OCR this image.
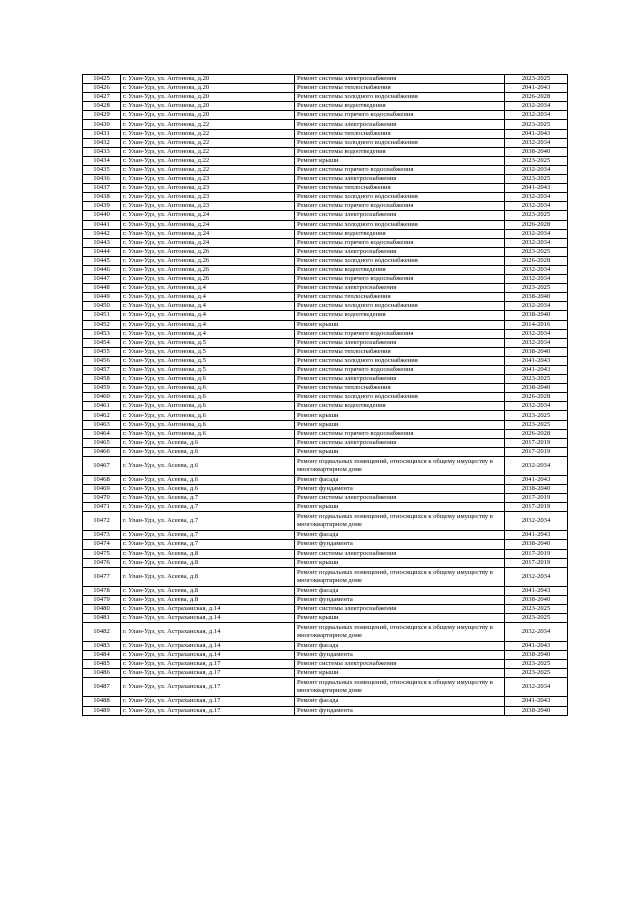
10425	г. Улан-Удэ, ул. Антонова, д.20	Ремонт системы электроснабжения	2023-2025
10426	г. Улан-Удэ, ул. Антонова, д.20	Ремонт системы теплоснабжения	2041-2043
10427	г. Улан-Удэ, ул. Антонова, д.20	Ремонт системы холодного водоснабжения	2026-2028
10428	г. Улан-Удэ, ул. Антонова, д.20	Ремонт системы водоотведения	2032-2034
10429	г. Улан-Удэ, ул. Антонова, д.20	Ремонт системы горячего водоснабжения	2032-2034
10430	г. Улан-Удэ, ул. Антонова, д.22	Ремонт системы электроснабжения	2023-2025
10431	г. Улан-Удэ, ул. Антонова, д.22	Ремонт системы теплоснабжения	2041-2043
10432	г. Улан-Удэ, ул. Антонова, д.22	Ремонт системы холодного водоснабжения	2032-2034
10433	г. Улан-Удэ, ул. Антонова, д.22	Ремонт системы водоотведения	2038-2040
10434	г. Улан-Удэ, ул. Антонова, д.22	Ремонт крыши	2023-2025
10435	г. Улан-Удэ, ул. Антонова, д.22	Ремонт системы горячего водоснабжения	2032-2034
10436	г. Улан-Удэ, ул. Антонова, д.23	Ремонт системы электроснабжения	2023-2025
10437	г. Улан-Удэ, ул. Антонова, д.23	Ремонт системы теплоснабжения	2041-2043
10438	г. Улан-Удэ, ул. Антонова, д.23	Ремонт системы холодного водоснабжения	2032-2034
10439	г. Улан-Удэ, ул. Антонова, д.23	Ремонт системы горячего водоснабжения	2032-2034
10440	г. Улан-Удэ, ул. Антонова, д.24	Ремонт системы электроснабжения	2023-2025
10441	г. Улан-Удэ, ул. Антонова, д.24	Ремонт системы холодного водоснабжения	2026-2028
10442	г. Улан-Удэ, ул. Антонова, д.24	Ремонт системы водоотведения	2032-2034
10443	г. Улан-Удэ, ул. Антонова, д.24	Ремонт системы горячего водоснабжения	2032-2034
10444	г. Улан-Удэ, ул. Антонова, д.26	Ремонт системы электроснабжения	2023-2025
10445	г. Улан-Удэ, ул. Антонова, д.26	Ремонт системы холодного водоснабжения	2026-2028
10446	г. Улан-Удэ, ул. Антонова, д.26	Ремонт системы водоотведения	2032-2034
10447	г. Улан-Удэ, ул. Антонова, д.26	Ремонт системы горячего водоснабжения	2032-2034
10448	г. Улан-Удэ, ул. Антонова, д.4	Ремонт системы электроснабжения	2023-2025
10449	г. Улан-Удэ, ул. Антонова, д.4	Ремонт системы теплоснабжения	2038-2040
10450	г. Улан-Удэ, ул. Антонова, д.4	Ремонт системы холодного водоснабжения	2032-2034
10451	г. Улан-Удэ, ул. Антонова, д.4	Ремонт системы водоотведения	2038-2040
10452	г. Улан-Удэ, ул. Антонова, д.4	Ремонт крыши	2014-2016
10453	г. Улан-Удэ, ул. Антонова, д.4	Ремонт системы горячего водоснабжения	2032-2034
10454	г. Улан-Удэ, ул. Антонова, д.5	Ремонт системы электроснабжения	2032-2034
10455	г. Улан-Удэ, ул. Антонова, д.5	Ремонт системы теплоснабжения	2038-2040
10456	г. Улан-Удэ, ул. Антонова, д.5	Ремонт системы холодного водоснабжения	2041-2043
10457	г. Улан-Удэ, ул. Антонова, д.5	Ремонт системы горячего водоснабжения	2041-2043
10458	г. Улан-Удэ, ул. Антонова, д.6	Ремонт системы электроснабжения	2023-2025
10459	г. Улан-Удэ, ул. Антонова, д.6	Ремонт системы теплоснабжения	2038-2040
10460	г. Улан-Удэ, ул. Антонова, д.6	Ремонт системы холодного водоснабжения	2026-2028
10461	г. Улан-Удэ, ул. Антонова, д.6	Ремонт системы водоотведения	2032-2034
10462	г. Улан-Удэ, ул. Антонова, д.6	Ремонт крыши	2023-2025
10463	г. Улан-Удэ, ул. Антонова, д.6	Ремонт крыши	2023-2025
10464	г. Улан-Удэ, ул. Антонова, д.6	Ремонт системы горячего водоснабжения	2026-2028
10465	г. Улан-Удэ, ул. Асеева, д.6	Ремонт системы электроснабжения	2017-2019
10466	г. Улан-Удэ, ул. Асеева, д.6	Ремонт крыши	2017-2019
10467	г. Улан-Удэ, ул. Асеева, д.6	Ремонт подвальных помещений, относящихся к общему имуществу в многоквартирном доме	2032-2034
10468	г. Улан-Удэ, ул. Асеева, д.6	Ремонт фасада	2041-2043
10469	г. Улан-Удэ, ул. Асеева, д.6	Ремонт фундамента	2038-2040
10470	г. Улан-Удэ, ул. Асеева, д.7	Ремонт системы электроснабжения	2017-2019
10471	г. Улан-Удэ, ул. Асеева, д.7	Ремонт крыши	2017-2019
10472	г. Улан-Удэ, ул. Асеева, д.7	Ремонт подвальных помещений, относящихся к общему имуществу в многоквартирном доме	2032-2034
10473	г. Улан-Удэ, ул. Асеева, д.7	Ремонт фасада	2041-2043
10474	г. Улан-Удэ, ул. Асеева, д.7	Ремонт фундамента	2038-2040
10475	г. Улан-Удэ, ул. Асеева, д.8	Ремонт системы электроснабжения	2017-2019
10476	г. Улан-Удэ, ул. Асеева, д.8	Ремонт крыши	2017-2019
10477	г. Улан-Удэ, ул. Асеева, д.8	Ремонт подвальных помещений, относящихся к общему имуществу в многоквартирном доме	2032-2034
10478	г. Улан-Удэ, ул. Асеева, д.8	Ремонт фасада	2041-2043
10479	г. Улан-Удэ, ул. Асеева, д.8	Ремонт фундамента	2038-2040
10480	г. Улан-Удэ, ул. Астраханская, д.14	Ремонт системы электроснабжения	2023-2025
10481	г. Улан-Удэ, ул. Астраханская, д.14	Ремонт крыши	2023-2025
10482	г. Улан-Удэ, ул. Астраханская, д.14	Ремонт подвальных помещений, относящихся к общему имуществу в многоквартирном доме	2032-2034
10483	г. Улан-Удэ, ул. Астраханская, д.14	Ремонт фасада	2041-2043
10484	г. Улан-Удэ, ул. Астраханская, д.14	Ремонт фундамента	2038-2040
10485	г. Улан-Удэ, ул. Астраханская, д.17	Ремонт системы электроснабжения	2023-2025
10486	г. Улан-Удэ, ул. Астраханская, д.17	Ремонт крыши	2023-2025
10487	г. Улан-Удэ, ул. Астраханская, д.17	Ремонт подвальных помещений, относящихся к общему имуществу в многоквартирном доме	2032-2034
10488	г. Улан-Удэ, ул. Астраханская, д.17	Ремонт фасада	2041-2043
10489	г. Улан-Удэ, ул. Астраханская, д.17	Ремонт фундамента	2038-2040
